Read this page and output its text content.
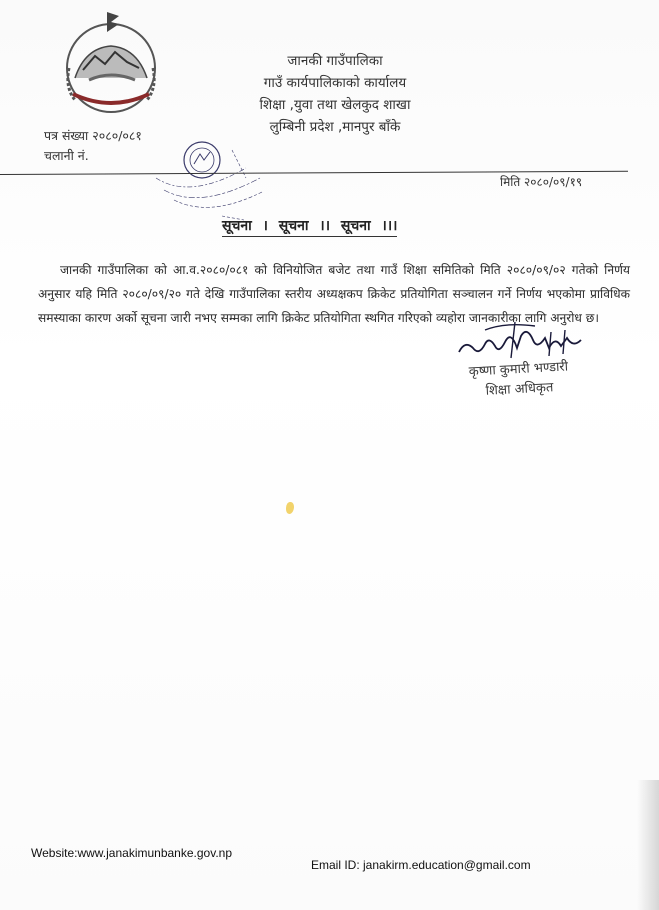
जानकी गाउँपालिका
गाउँ कार्यपालिकाको कार्यालय
शिक्षा ,युवा तथा खेलकुद शाखा
लुम्बिनी प्रदेश ,मानपुर बाँके
पत्र संख्या २०८०/०८१
चलानी नं.
मिति २०८०/०९/१९
सूचना । सूचना ।। सूचना ।।।
जानकी गाउँपालिका को आ.व.२०८०/०८१ को विनियोजित बजेट तथा गाउँ शिक्षा समितिको मिति २०८०/०९/०२ गतेको निर्णय अनुसार यहि मिति २०८०/०९/२० गते देखि गाउँपालिका स्तरीय अध्यक्षकप क्रिकेट प्रतियोगिता सञ्चालन गर्ने निर्णय भएकोमा प्राविधिक समस्याका कारण अर्को सूचना जारी नभए सम्मका लागि क्रिकेट प्रतियोगिता स्थगित गरिएको व्यहोरा जानकारीका लागि अनुरोध छ।
कृष्णा कुमारी भण्डारी
शिक्षा अधिकृत
Website:www.janakimunbanke.gov.np
Email ID: janakirm.education@gmail.com
